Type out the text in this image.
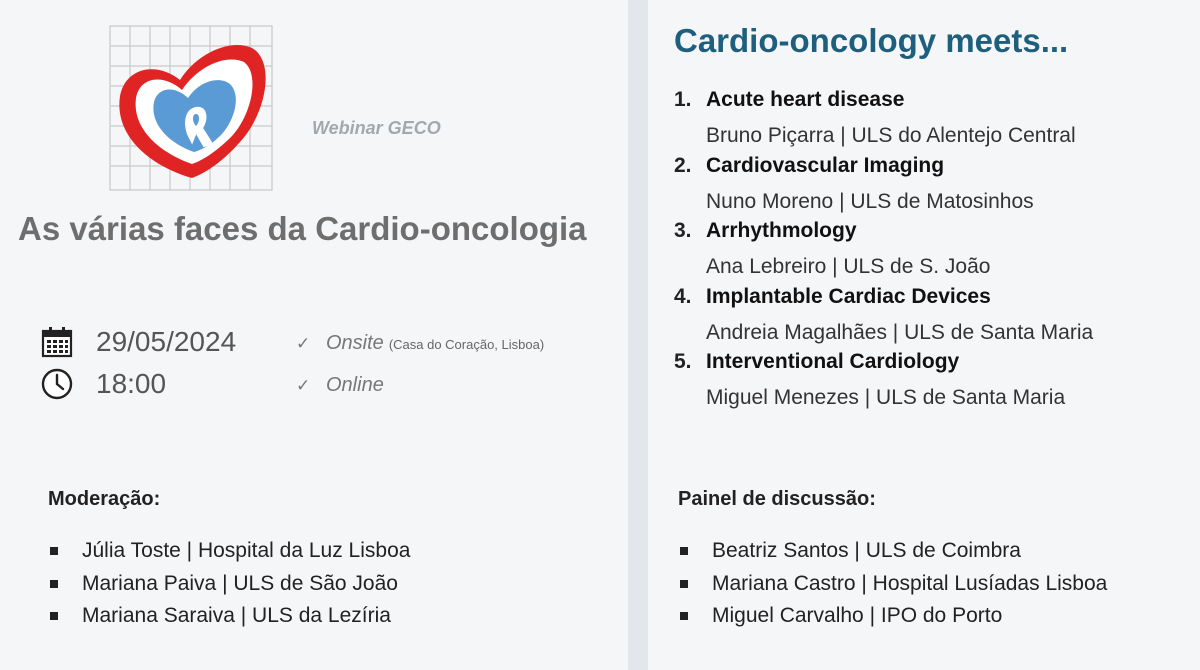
Webinar GECO
As várias faces da Cardio-oncologia
29/05/2024
18:00
✓ Onsite (Casa do Coração, Lisboa)
✓ Online
Moderação:
Júlia Toste | Hospital da Luz Lisboa
Mariana Paiva | ULS de São João
Mariana Saraiva | ULS da Lezíria
Cardio-oncology meets...
1. Acute heart disease
Bruno Piçarra | ULS do Alentejo Central
2. Cardiovascular Imaging
Nuno Moreno | ULS de Matosinhos
3. Arrhythmology
Ana Lebreiro | ULS de S. João
4. Implantable Cardiac Devices
Andreia Magalhães | ULS de Santa Maria
5. Interventional Cardiology
Miguel Menezes | ULS de Santa Maria
Painel de discussão:
Beatriz Santos | ULS de Coimbra
Mariana Castro | Hospital Lusíadas Lisboa
Miguel Carvalho | IPO do Porto
